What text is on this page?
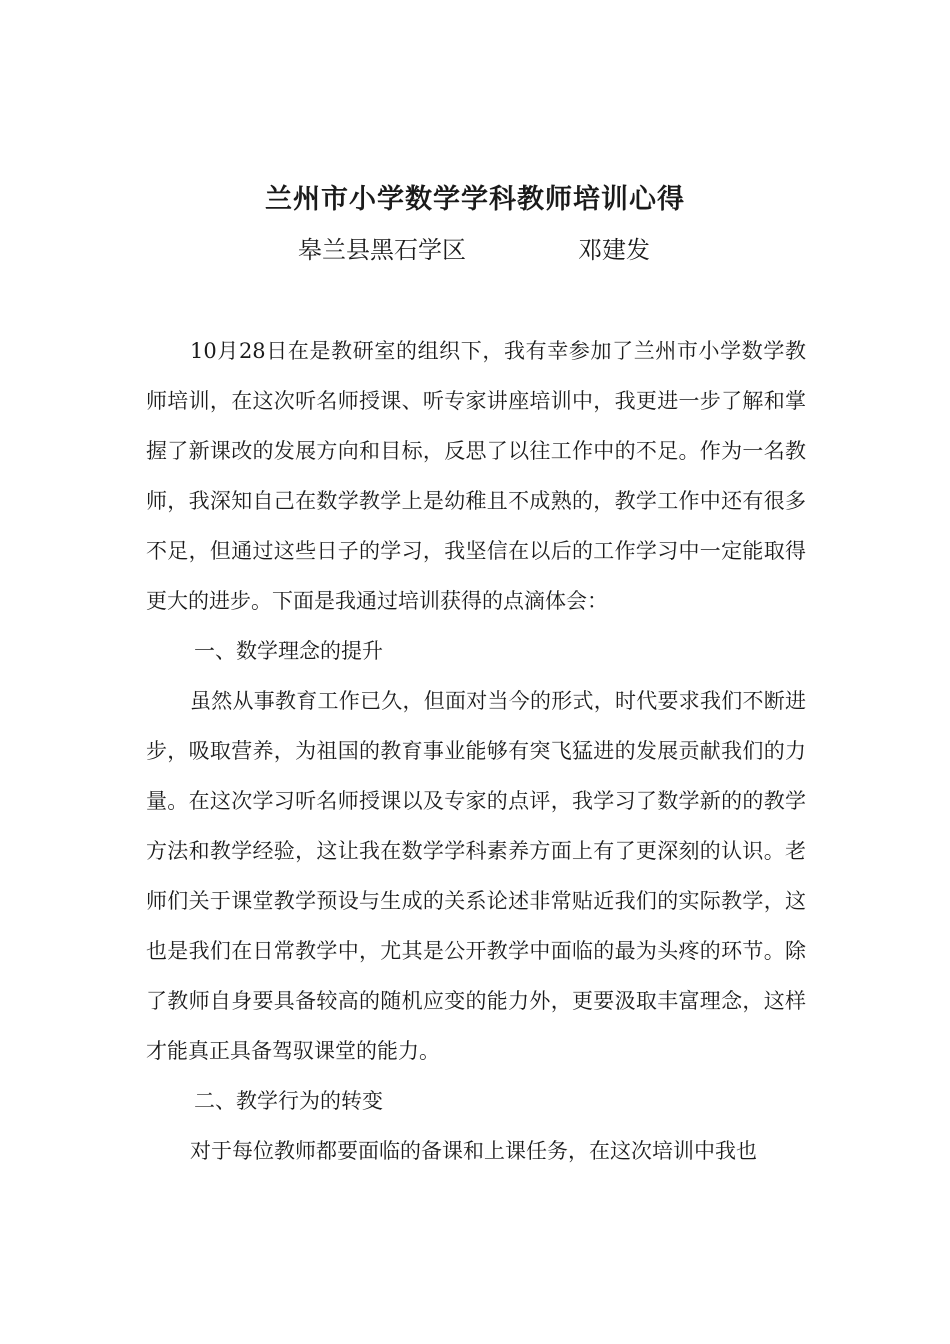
兰州市小学数学学科教师培训心得
皋兰县黑石学区	邓建发

10月28日在是教研室的组织下，我有幸参加了兰州市小学数学教师培训，在这次听名师授课、听专家讲座培训中，我更进一步了解和掌握了新课改的发展方向和目标，反思了以往工作中的不足。作为一名教师，我深知自己在数学教学上是幼稚且不成熟的，教学工作中还有很多不足，但通过这些日子的学习，我坚信在以后的工作学习中一定能取得更大的进步。下面是我通过培训获得的点滴体会：

一、数学理念的提升

虽然从事教育工作已久，但面对当今的形式，时代要求我们不断进步，吸取营养，为祖国的教育事业能够有突飞猛进的发展贡献我们的力量。在这次学习听名师授课以及专家的点评，我学习了数学新的的教学方法和教学经验，这让我在数学学科素养方面上有了更深刻的认识。老师们关于课堂教学预设与生成的关系论述非常贴近我们的实际教学，这也是我们在日常教学中，尤其是公开教学中面临的最为头疼的环节。除了教师自身要具备较高的随机应变的能力外，更要汲取丰富理念，这样才能真正具备驾驭课堂的能力。

二、教学行为的转变

对于每位教师都要面临的备课和上课任务，在这次培训中我也
